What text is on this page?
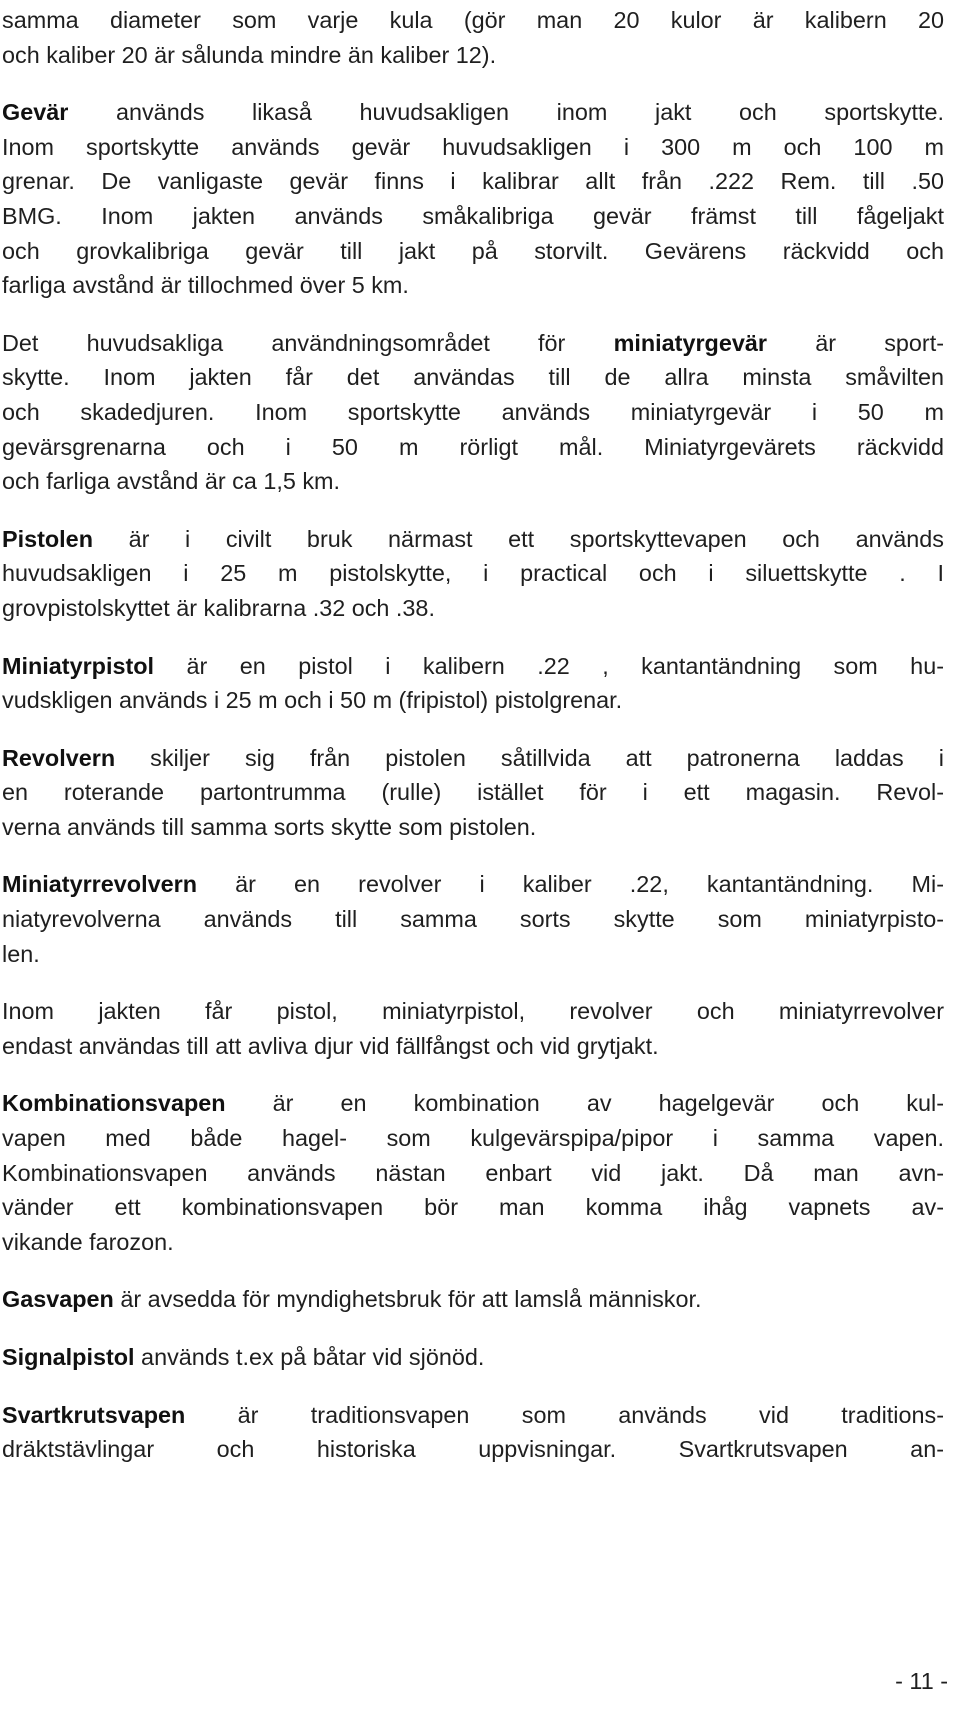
samma diameter som varje kula (gör man 20 kulor är kalibern 20
och kaliber 20 är sålunda mindre än kaliber 12).
Gevär används likaså huvudsakligen inom jakt och sportskytte.
Inom sportskytte används gevär huvudsakligen i 300 m och 100 m
grenar. De vanligaste gevär finns i kalibrar allt från .222 Rem. till .50
BMG. Inom jakten används småkalibriga gevär främst till fågeljakt
och grovkalibriga gevär till jakt på storvilt. Gevärens räckvidd och
farliga avstånd är tillochmed över 5 km.
Det huvudsakliga användningsområdet för miniatyrgevär är sport-
skytte. Inom jakten får det användas till de allra minsta småvilten
och skadedjuren. Inom sportskytte används miniatyrgevär i 50 m
gevärsgrenarna och i 50 m rörligt mål. Miniatyrgevärets räckvidd
och farliga avstånd är ca 1,5 km.
Pistolen är i civilt bruk närmast ett sportskyttevapen och används
huvudsakligen i 25 m pistolskytte, i practical och i siluettskytte . I
grovpistolskyttet är kalibrarna .32 och .38.
Miniatyrpistol är en pistol i kalibern .22 , kantantändning som hu-
vudskligen används i 25 m och i 50 m (fripistol) pistolgrenar.
Revolvern skiljer sig från pistolen såtillvida att patronerna laddas i
en roterande partontrumma (rulle) istället för i ett magasin. Revol-
verna används till samma sorts skytte som pistolen.
Miniatyrrevolvern är en revolver i kaliber .22, kantantändning. Mi-
niatyrevolverna används till samma sorts skytte som miniatyrpisto-
len.
Inom jakten får pistol, miniatyrpistol, revolver och miniatyrrevolver
endast användas till att avliva djur vid fällfångst och vid grytjakt.
Kombinationsvapen är en kombination av hagelgevär och kul-
vapen med både hagel- som kulgevärspipa/pipor i samma vapen.
Kombinationsvapen används nästan enbart vid jakt. Då man avn-
vänder ett kombinationsvapen bör man komma ihåg vapnets av-
vikande farozon.
Gasvapen är avsedda för myndighetsbruk för att lamslå människor.
Signalpistol används t.ex på båtar vid sjönöd.
Svartkrutsvapen är traditionsvapen som används vid traditions-
dräktstävlingar och historiska uppvisningar. Svartkrutsvapen an-
- 11 -
